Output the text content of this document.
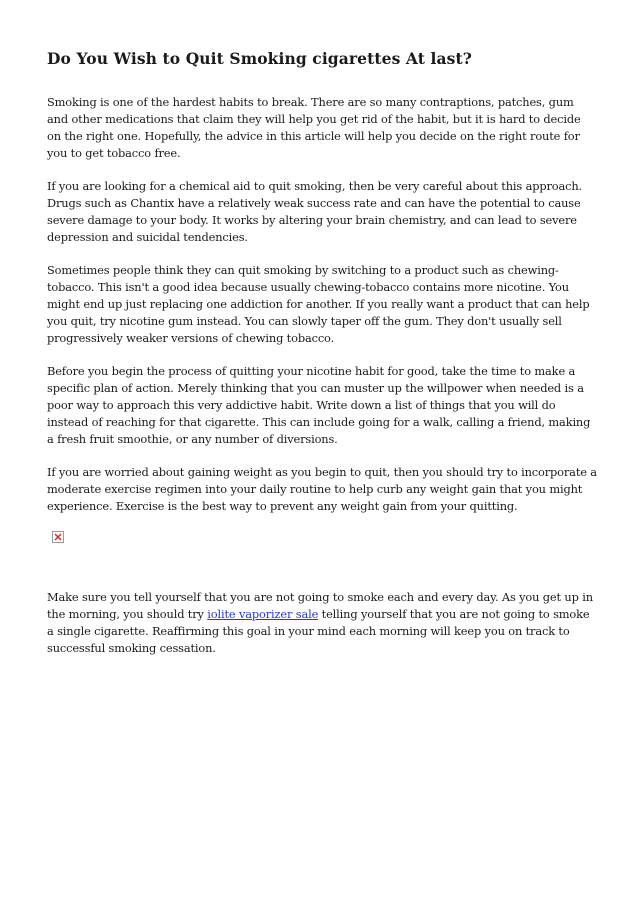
Do You Wish to Quit Smoking cigarettes At last?

Smoking is one of the hardest habits to break. There are so many contraptions, patches, gum and other medications that claim they will help you get rid of the habit, but it is hard to decide on the right one. Hopefully, the advice in this article will help you decide on the right route for you to get tobacco free.

If you are looking for a chemical aid to quit smoking, then be very careful about this approach. Drugs such as Chantix have a relatively weak success rate and can have the potential to cause severe damage to your body. It works by altering your brain chemistry, and can lead to severe depression and suicidal tendencies.

Sometimes people think they can quit smoking by switching to a product such as chewing-tobacco. This isn't a good idea because usually chewing-tobacco contains more nicotine. You might end up just replacing one addiction for another. If you really want a product that can help you quit, try nicotine gum instead. You can slowly taper off the gum. They don't usually sell progressively weaker versions of chewing tobacco.

Before you begin the process of quitting your nicotine habit for good, take the time to make a specific plan of action. Merely thinking that you can muster up the willpower when needed is a poor way to approach this very addictive habit. Write down a list of things that you will do instead of reaching for that cigarette. This can include going for a walk, calling a friend, making a fresh fruit smoothie, or any number of diversions.

If you are worried about gaining weight as you begin to quit, then you should try to incorporate a moderate exercise regimen into your daily routine to help curb any weight gain that you might experience. Exercise is the best way to prevent any weight gain from your quitting.

Make sure you tell yourself that you are not going to smoke each and every day. As you get up in the morning, you should try iolite vaporizer sale telling yourself that you are not going to smoke a single cigarette. Reaffirming this goal in your mind each morning will keep you on track to successful smoking cessation.
